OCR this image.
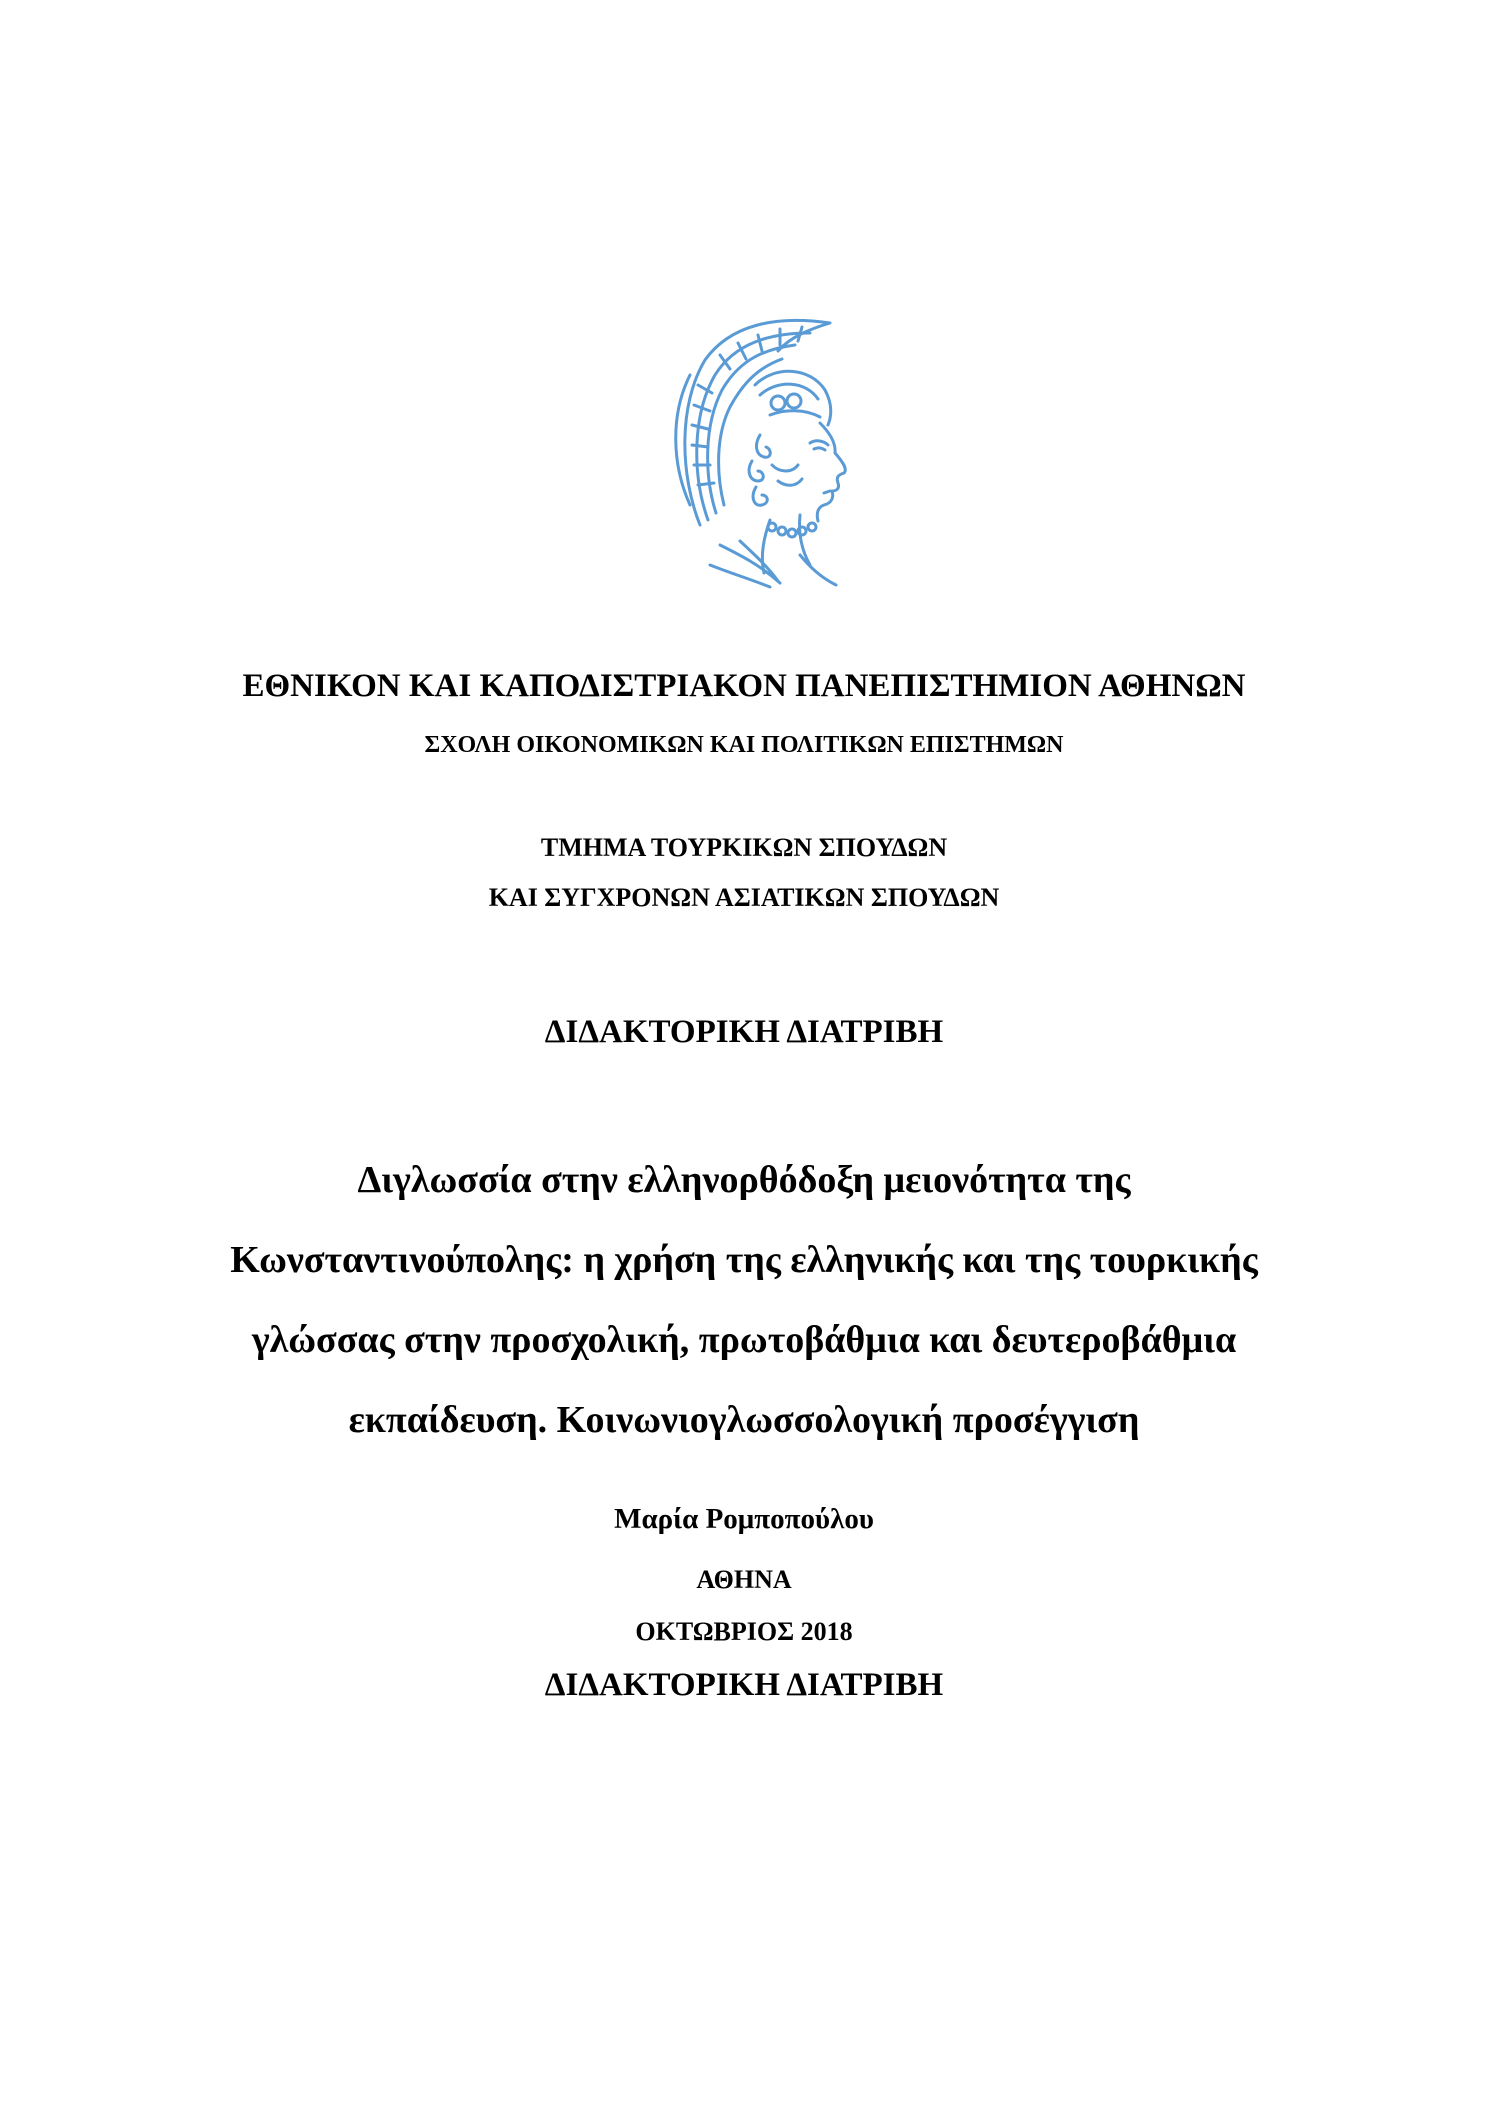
ΕΘΝΙΚΟΝ ΚΑΙ ΚΑΠΟΔΙΣΤΡΙΑΚΟΝ ΠΑΝΕΠΙΣΤΗΜΙΟΝ ΑΘΗΝΩΝ
ΣΧΟΛΗ ΟΙΚΟΝΟΜΙΚΩΝ ΚΑΙ ΠΟΛΙΤΙΚΩΝ ΕΠΙΣΤΗΜΩΝ
ΤΜΗΜΑ ΤΟΥΡΚΙΚΩΝ ΣΠΟΥΔΩΝ
ΚΑΙ ΣΥΓΧΡΟΝΩΝ ΑΣΙΑΤΙΚΩΝ ΣΠΟΥΔΩΝ
ΔΙΔΑΚΤΟΡΙΚΗ ΔΙΑΤΡΙΒΗ
Διγλωσσία στην ελληνορθόδοξη μειονότητα της
Κωνσταντινούπολης: η χρήση της ελληνικής και της τουρκικής
γλώσσας στην προσχολική, πρωτοβάθμια και δευτεροβάθμια
εκπαίδευση. Κοινωνιογλωσσολογική προσέγγιση
Μαρία Ρομποπούλου
ΑΘΗΝΑ
ΟΚΤΩΒΡΙΟΣ 2018
ΔΙΔΑΚΤΟΡΙΚΗ ΔΙΑΤΡΙΒΗ
